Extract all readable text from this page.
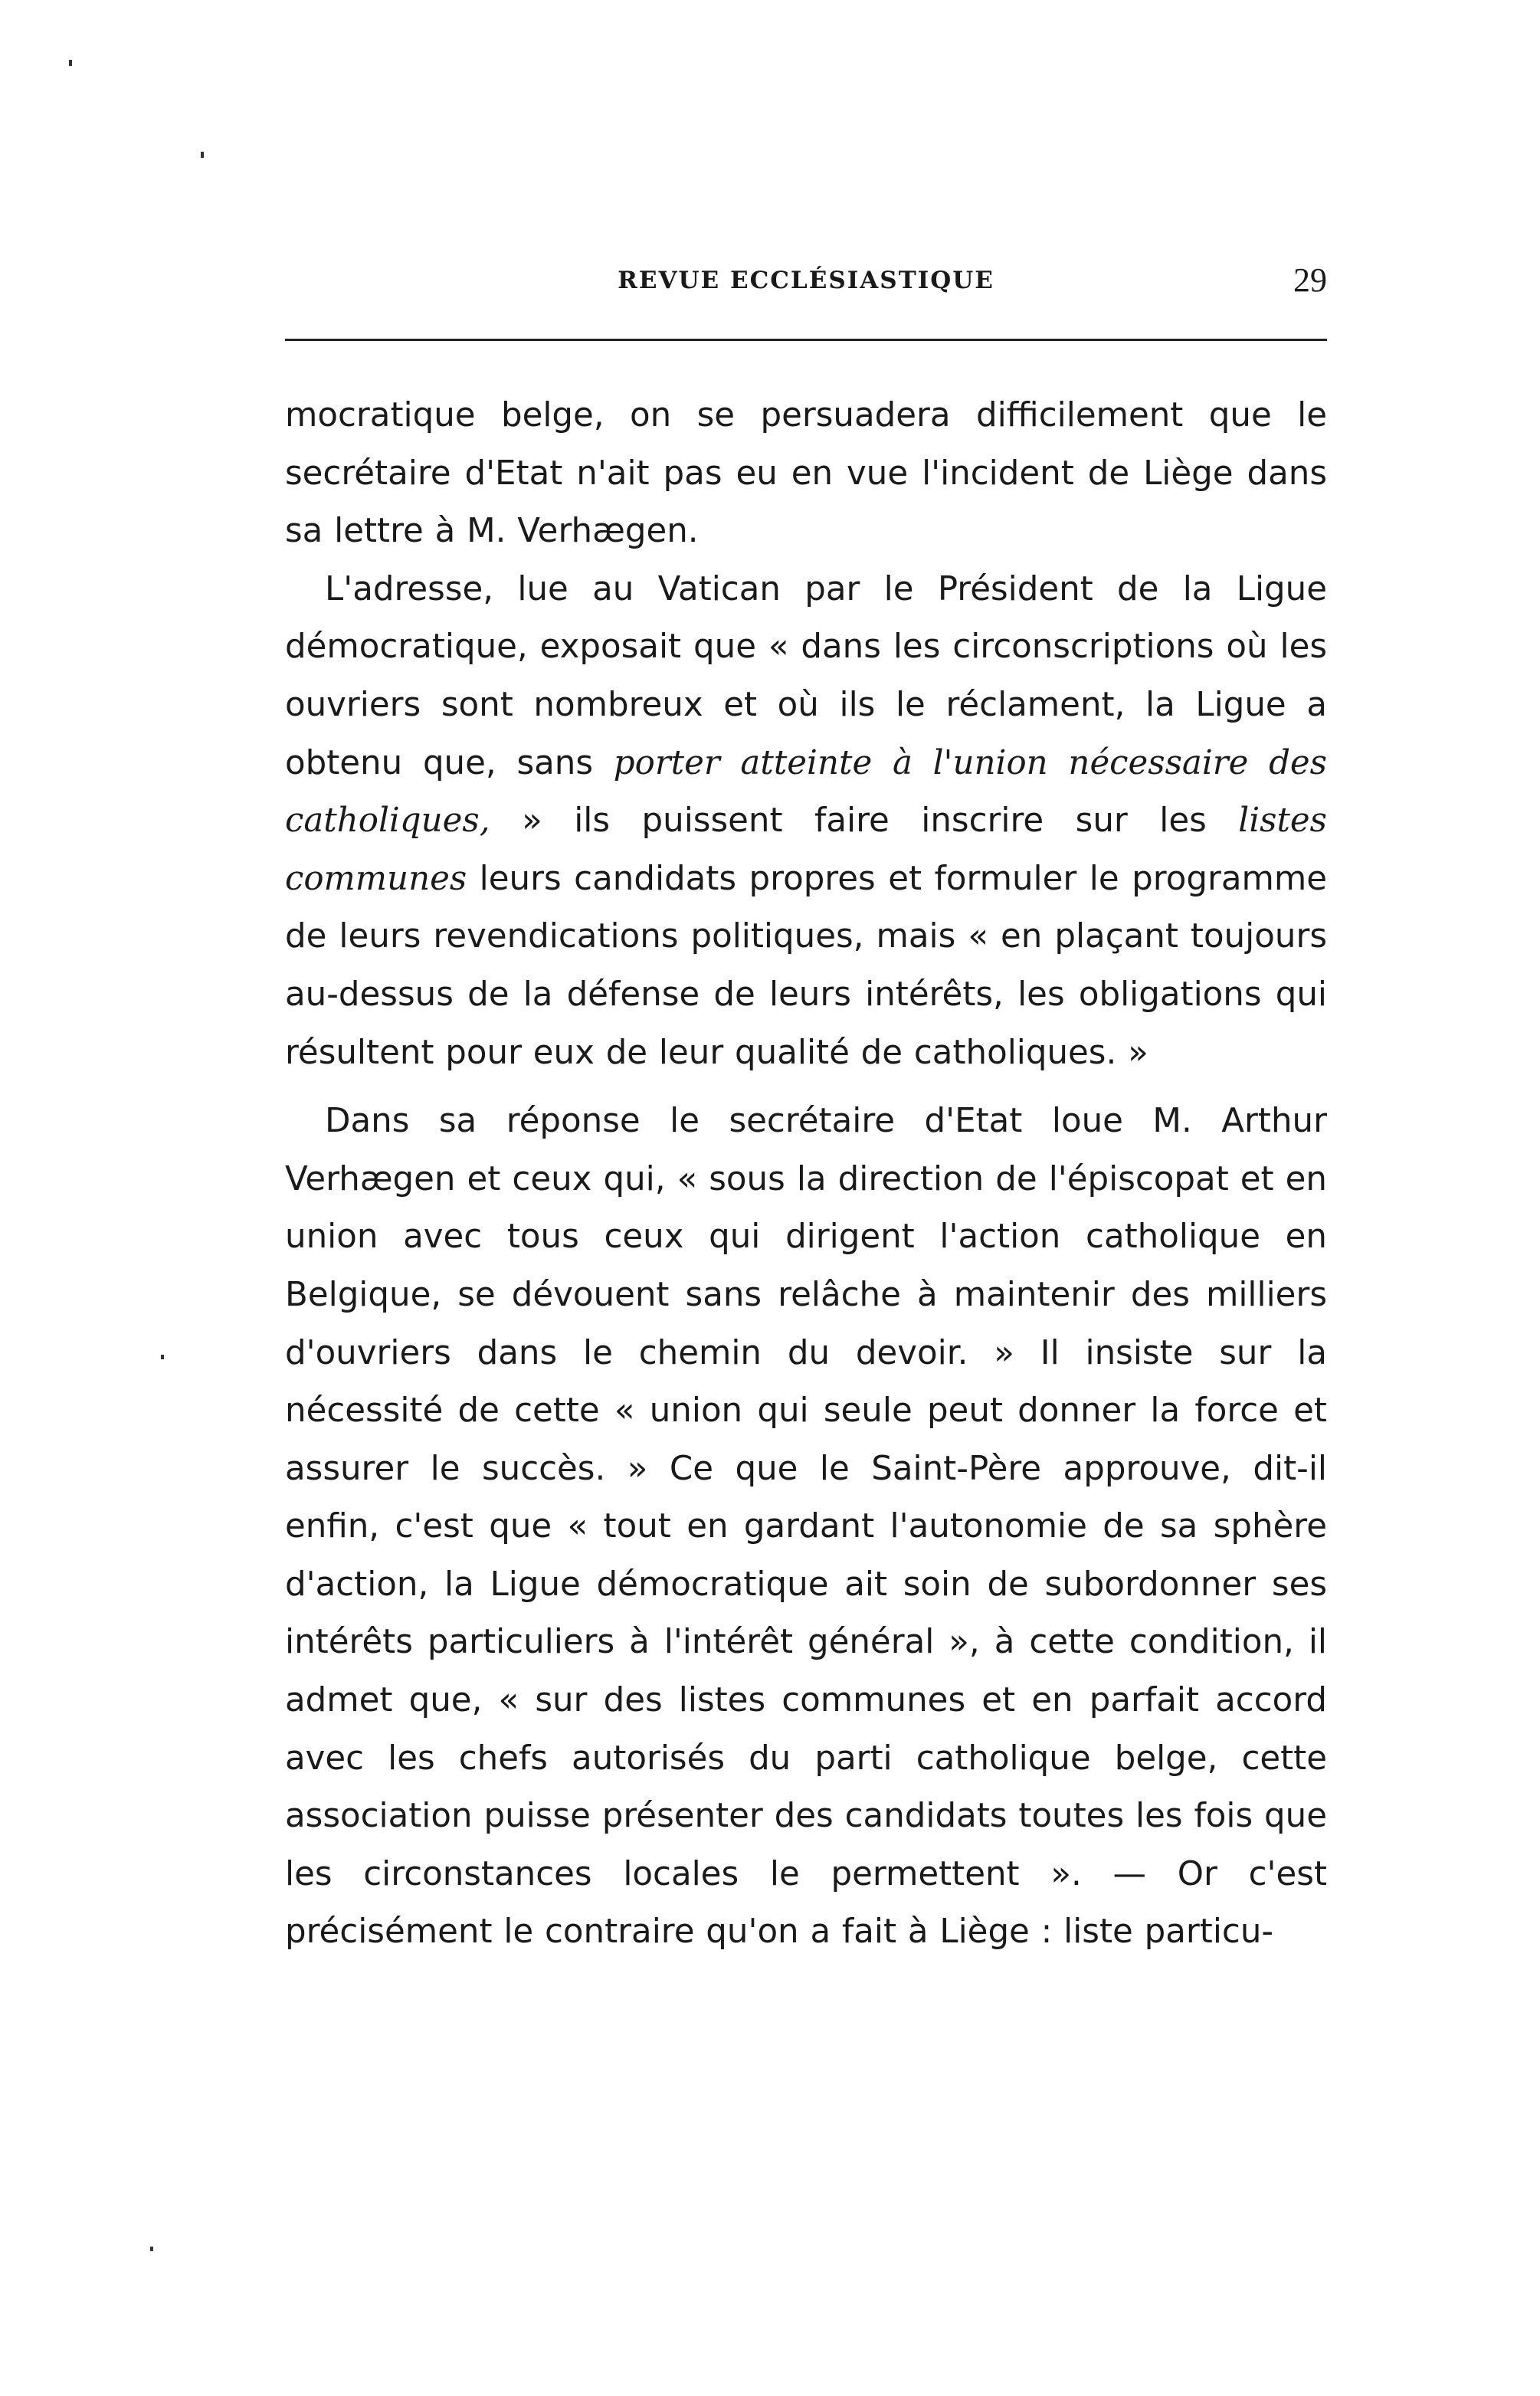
REVUE ECCLÉSIASTIQUE	29

mocratique belge, on se persuadera difficilement que le secrétaire d'Etat n'ait pas eu en vue l'incident de Liège dans sa lettre à M. Verhægen.

L'adresse, lue au Vatican par le Président de la Ligue démocratique, exposait que « dans les circonscriptions où les ouvriers sont nombreux et où ils le réclament, la Ligue a obtenu que, sans porter atteinte à l'union nécessaire des catholiques, » ils puissent faire inscrire sur les listes communes leurs candidats propres et formuler le programme de leurs revendications politiques, mais « en plaçant toujours au-dessus de la défense de leurs intérêts, les obligations qui résultent pour eux de leur qualité de catholiques. »

Dans sa réponse le secrétaire d'Etat loue M. Arthur Verhægen et ceux qui, « sous la direction de l'épiscopat et en union avec tous ceux qui dirigent l'action catholique en Belgique, se dévouent sans relâche à maintenir des milliers d'ouvriers dans le chemin du devoir. » Il insiste sur la nécessité de cette « union qui seule peut donner la force et assurer le succès. » Ce que le Saint-Père approuve, dit-il enfin, c'est que « tout en gardant l'autonomie de sa sphère d'action, la Ligue démocratique ait soin de subordonner ses intérêts particuliers à l'intérêt général », à cette condition, il admet que, « sur des listes communes et en parfait accord avec les chefs autorisés du parti catholique belge, cette association puisse présenter des candidats toutes les fois que les circonstances locales le permettent ». — Or c'est précisément le contraire qu'on a fait à Liège : liste particu-
